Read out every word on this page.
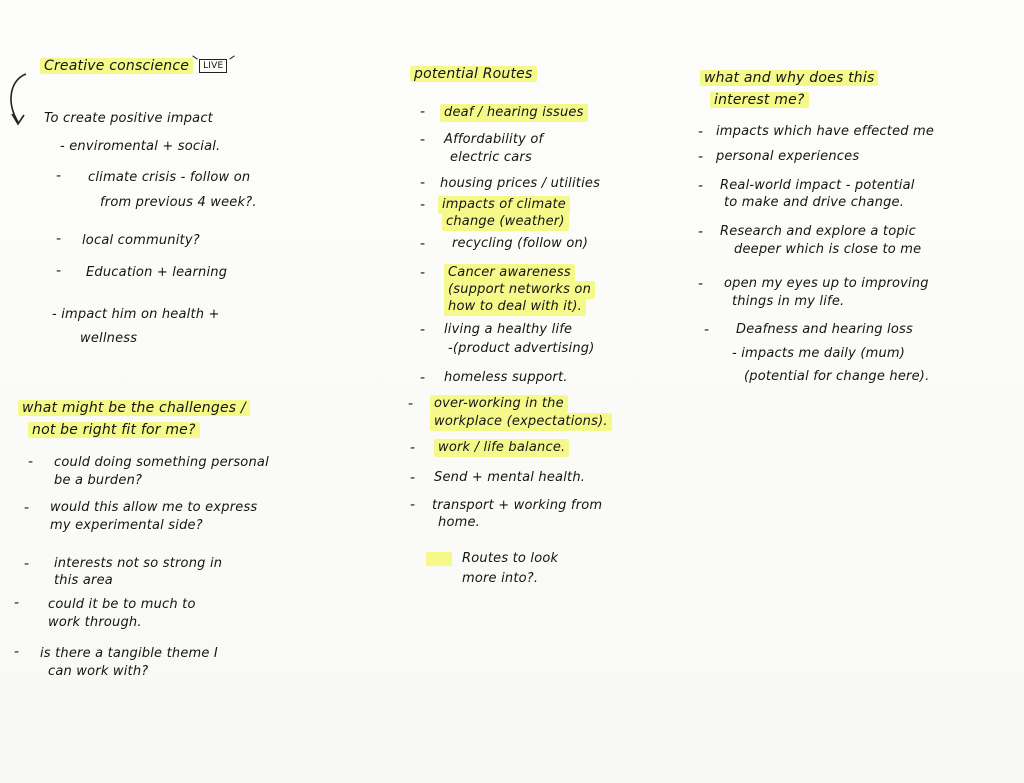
Creative conscience LIVE
To create positive impact
- enviromental + social.
- climate crisis - follow on
from previous 4 week?.
- local community?
- Education + learning
- impact him on health +
wellness
what might be the challenges /
not be right fit for me?
- could doing something personal
be a burden?
- would this allow me to express
my experimental side?
- interests not so strong in
this area
- could it be to much to
work through.
- is there a tangible theme I
can work with?
potential Routes
-	deaf / hearing issues
- Affordability of
electric cars
- housing prices / utilities
-	impacts of climate
change (weather)
- recycling (follow on)
-	Cancer awareness
(support networks on
how to deal with it).
- living a healthy life
-(product advertising)
- homeless support.
-	over-working in the
workplace (expectations).
-	work / life balance.
- Send + mental health.
- transport + working from
home.
Routes to look
more into?.
what and why does this
interest me?
- impacts which have effected me
- personal experiences
- Real-world impact - potential
to make and drive change.
- Research and explore a topic
deeper which is close to me
- open my eyes up to improving
things in my life.
- Deafness and hearing loss
- impacts me daily (mum)
(potential for change here).
